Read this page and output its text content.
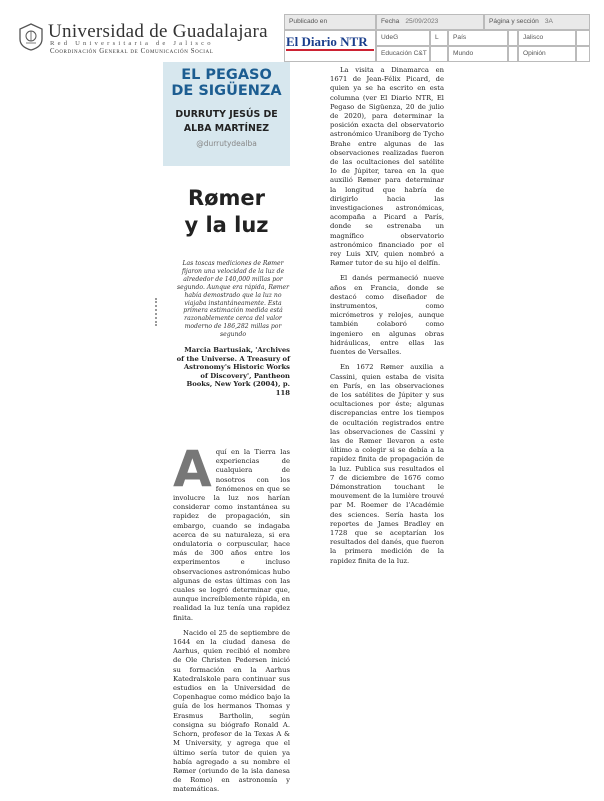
Universidad de Guadalajara
Red Universitaria de Jalisco
Coordinación General de Comunicación Social
Publicado en	Fecha 25/09/2023	Página y sección 3A
El Diario NTR	UdeG	L	País	Jalisco
Educación C&T	Mundo	Opinión
EL PEGASO
DE SIGÜENZA
DURRUTY JESÚS DE
ALBA MARTÍNEZ
@durrutydealba
Rømer
y la luz
Las toscas mediciones de Rømer fijaron una velocidad de la luz de alrededor de 140,000 millas por segundo. Aunque era rápida, Rømer había demostrado que la luz no viajaba instantáneamente. Esta primera estimación medida está razonablemente cerca del valor moderno de 186,282 millas por segundo
Marcia Bartusiak, 'Archives of the Universe. A Treasury of Astronomy's Historic Works of Discovery', Pantheon Books, New York (2004), p. 118

Aquí en la Tierra las experiencias de cualquiera de nosotros con los fenómenos en que se involucre la luz nos harían considerar como instantánea su rapidez de propagación, sin embargo, cuando se indagaba acerca de su naturaleza, si era ondulatoria o corpuscular, hace más de 300 años entre los experimentos e incluso observaciones astronómicas hubo algunas de estas últimas con las cuales se logró determinar que, aunque increíblemente rápida, en realidad la luz tenía una rapidez finita.

Nacido el 25 de septiembre de 1644 en la ciudad danesa de Aarhus, quien recibió el nombre de Ole Christen Pedersen inició su formación en la Aarhus Katedralskole para continuar sus estudios en la Universidad de Copenhague como médico bajo la guía de los hermanos Thomas y Erasmus Bartholin, según consigna su biógrafo Ronald A. Schorn, profesor de la Texas A & M University, y agrega que el último sería tutor de quien ya había agregado a su nombre el Rømer (oriundo de la isla danesa de Romo) en astronomía y matemáticas.

La visita a Dinamarca en 1671 de Jean-Félix Picard, de quien ya se ha escrito en esta columna (ver El Diario NTR, El Pegaso de Sigüenza, 20 de julio de 2020), para determinar la posición exacta del observatorio astronómico Uraniborg de Tycho Brahe entre algunas de las observaciones realizadas fueron de las ocultaciones del satélite Io de Júpiter, tarea en la que auxilió Rømer para determinar la longitud que habría de dirigirlo hacia las investigaciones astronómicas, acompaña a Picard a París, donde se estrenaba un magnífico observatorio astronómico financiado por el rey Luis XIV, quien nombró a Rømer tutor de su hijo el delfín.

El danés permaneció nueve años en Francia, donde se destacó como diseñador de instrumentos, como micrómetros y relojes, aunque también colaboró como ingeniero en algunas obras hidráulicas, entre ellas las fuentes de Versalles.

En 1672 Rømer auxilia a Cassini, quien estaba de visita en París, en las observaciones de los satélites de Júpiter y sus ocultaciones por éste; algunas discrepancias entre los tiempos de ocultación registrados entre las observaciones de Cassini y las de Rømer llevaron a este último a colegir si se debía a la rapidez finita de propagación de la luz. Publica sus resultados el 7 de diciembre de 1676 como Démonstration touchant le mouvement de la lumière trouvé par M. Roemer de l'Académie des sciences. Sería hasta los reportes de James Bradley en 1728 que se aceptarían los resultados del danés, que fueron la primera medición de la rapidez finita de la luz.
